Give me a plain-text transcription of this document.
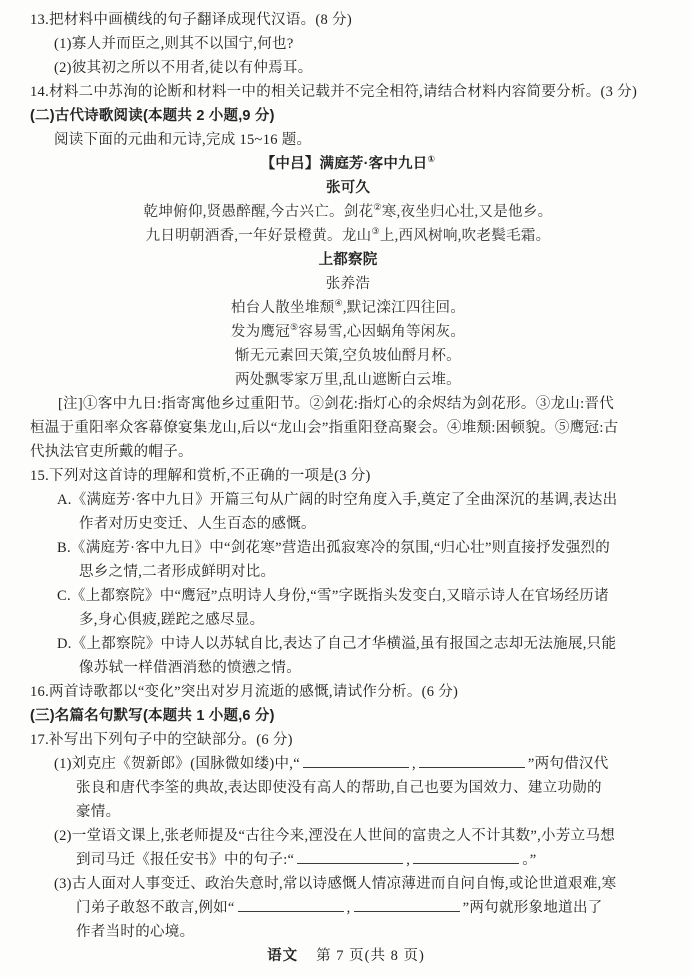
13.把材料中画横线的句子翻译成现代汉语。(8 分)
(1)寡人并而臣之,则其不以国宁,何也?
(2)彼其初之所以不用者,徒以有仲焉耳。
14.材料二中苏洵的论断和材料一中的相关记载并不完全相符,请结合材料内容简要分析。(3 分)
(二)古代诗歌阅读(本题共 2 小题,9 分)
阅读下面的元曲和元诗,完成 15~16 题。
【中吕】满庭芳·客中九日①
张可久
乾坤俯仰,贤愚醉醒,今古兴亡。剑花②寒,夜坐归心壮,又是他乡。
九日明朝酒香,一年好景橙黄。龙山③上,西风树响,吹老鬓毛霜。
上都察院
张养浩
柏台人散坐堆颓④,默记滦江四往回。
发为鹰冠⑤容易雪,心因蜗角等闲灰。
惭无元素回天策,空负坡仙酹月杯。
两处飘零家万里,乱山遮断白云堆。
[注]①客中九日:指寄寓他乡过重阳节。②剑花:指灯心的余烬结为剑花形。③龙山:晋代
桓温于重阳率众客幕僚宴集龙山,后以“龙山会”指重阳登高聚会。④堆颓:困顿貌。⑤鹰冠:古
代执法官吏所戴的帽子。
15.下列对这首诗的理解和赏析,不正确的一项是(3 分)
A.《满庭芳·客中九日》开篇三句从广阔的时空角度入手,奠定了全曲深沉的基调,表达出
作者对历史变迁、人生百态的感慨。
B.《满庭芳·客中九日》中“剑花寒”营造出孤寂寒冷的氛围,“归心壮”则直接抒发强烈的
思乡之情,二者形成鲜明对比。
C.《上都察院》中“鹰冠”点明诗人身份,“雪”字既指头发变白,又暗示诗人在官场经历诸
多,身心俱疲,蹉跎之感尽显。
D.《上都察院》中诗人以苏轼自比,表达了自己才华横溢,虽有报国之志却无法施展,只能
像苏轼一样借酒消愁的愤懑之情。
16.两首诗歌都以“变化”突出对岁月流逝的感慨,请试作分析。(6 分)
(三)名篇名句默写(本题共 1 小题,6 分)
17.补写出下列句子中的空缺部分。(6 分)
(1)刘克庄《贺新郎》(国脉微如缕)中,“	,	”两句借汉代
张良和唐代李筌的典故,表达即使没有高人的帮助,自己也要为国效力、建立功勋的
豪情。
(2)一堂语文课上,张老师提及“古往今来,湮没在人世间的富贵之人不计其数”,小芳立马想
到司马迁《报任安书》中的句子:“	,	。”
(3)古人面对人事变迁、政治失意时,常以诗感慨人情凉薄进而自问自悔,或论世道艰难,寒
门弟子敢怒不敢言,例如“	,	”两句就形象地道出了
作者当时的心境。
语文 第 7 页(共 8 页)
